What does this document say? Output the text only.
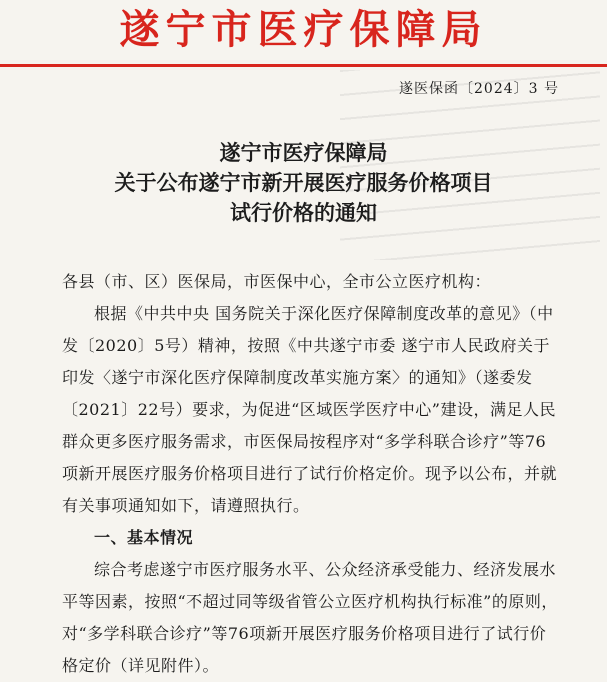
遂宁市医疗保障局
遂医保函〔2024〕3 号
遂宁市医疗保障局
关于公布遂宁市新开展医疗服务价格项目
试行价格的通知

各县（市、区）医保局，市医保中心，全市公立医疗机构：

根据《中共中央 国务院关于深化医疗保障制度改革的意见》（中发〔2020〕5号）精神，按照《中共遂宁市委 遂宁市人民政府关于印发〈遂宁市深化医疗保障制度改革实施方案〉的通知》（遂委发〔2021〕22号）要求，为促进“区域医学医疗中心”建设，满足人民群众更多医疗服务需求，市医保局按程序对“多学科联合诊疗”等76项新开展医疗服务价格项目进行了试行价格定价。现予以公布，并就有关事项通知如下，请遵照执行。

一、基本情况

综合考虑遂宁市医疗服务水平、公众经济承受能力、经济发展水平等因素，按照“不超过同等级省管公立医疗机构执行标准”的原则，对“多学科联合诊疗”等76项新开展医疗服务价格项目进行了试行价格定价（详见附件）。
